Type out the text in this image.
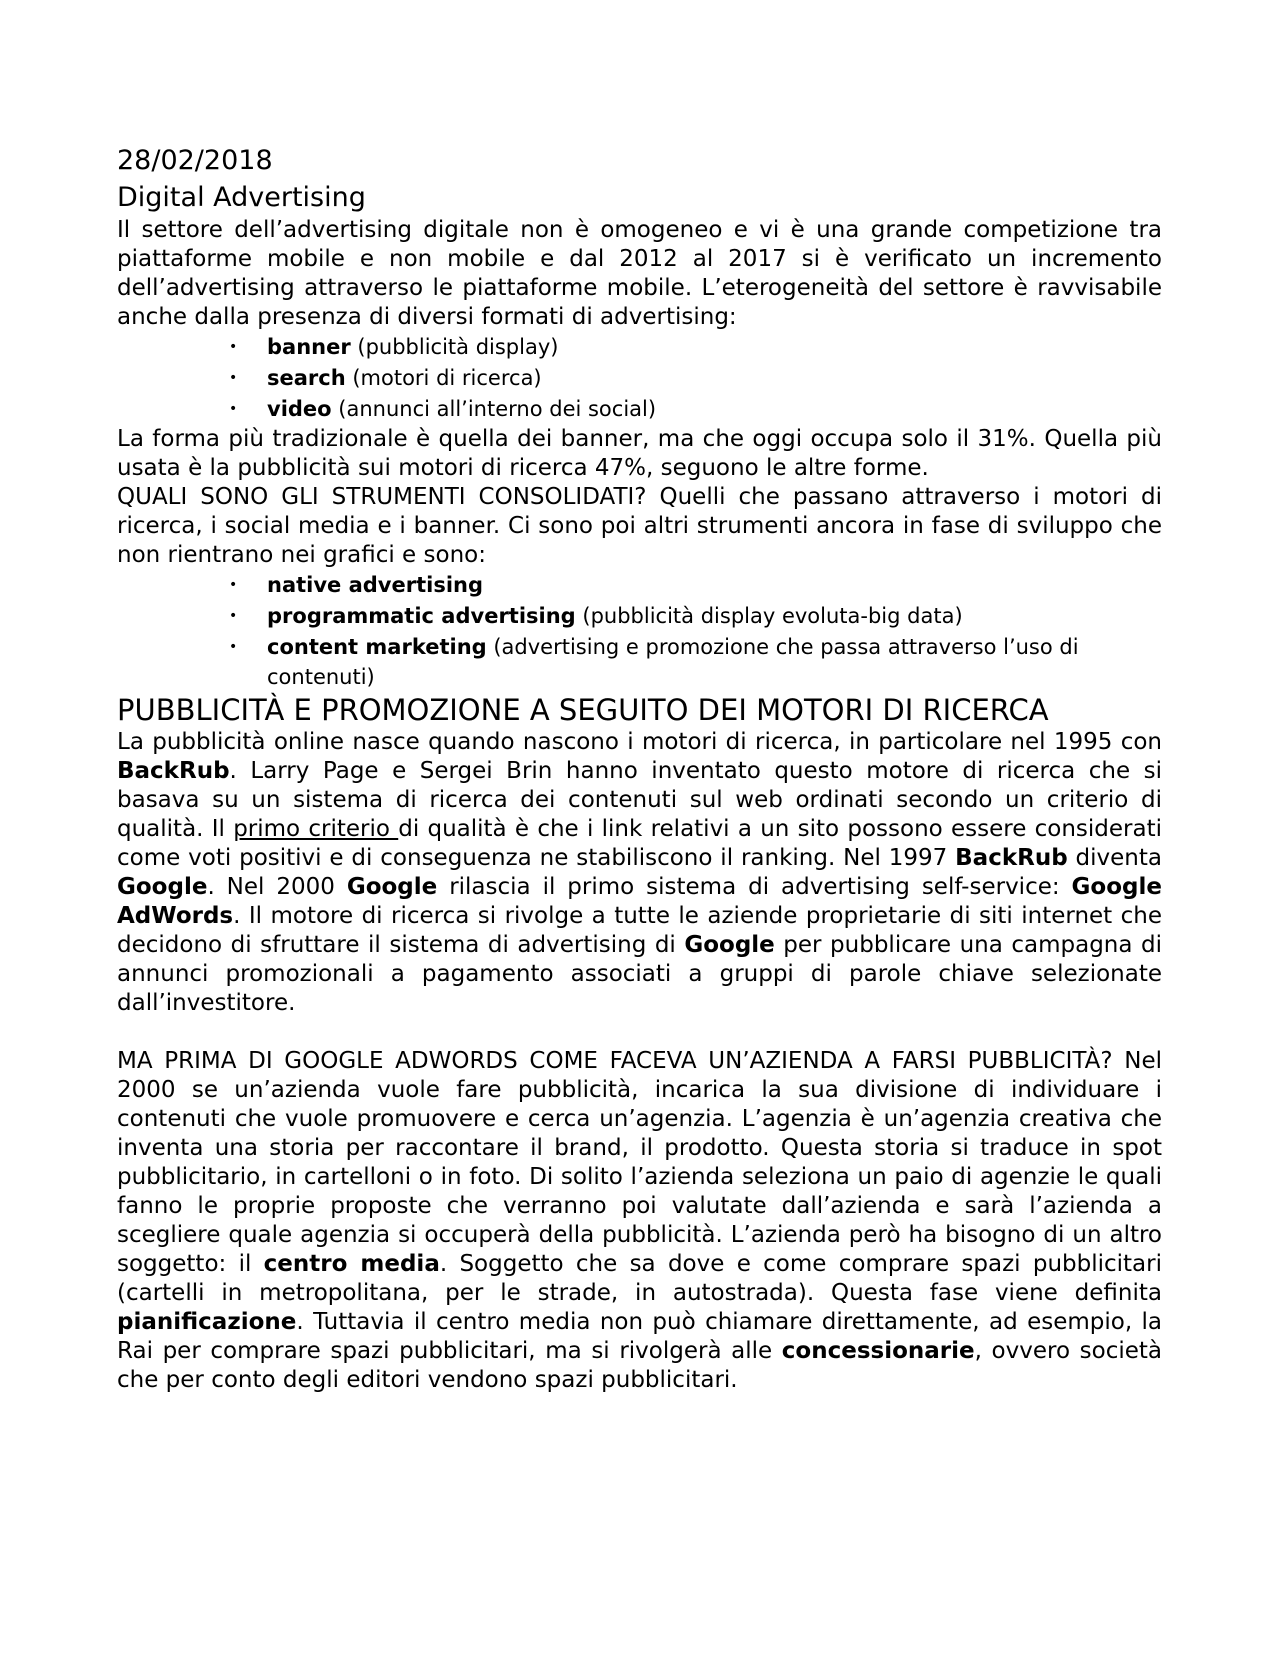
28/02/2018
Digital Advertising

Il settore dell’advertising digitale non è omogeneo e vi è una grande competizione tra piattaforme mobile e non mobile e dal 2012 al 2017 si è verificato un incremento dell’advertising attraverso le piattaforme mobile. L’eterogeneità del settore è ravvisabile anche dalla presenza di diversi formati di advertising:

• banner (pubblicità display)
• search (motori di ricerca)
• video (annunci all’interno dei social)

La forma più tradizionale è quella dei banner, ma che oggi occupa solo il 31%. Quella più usata è la pubblicità sui motori di ricerca 47%, seguono le altre forme.

QUALI SONO GLI STRUMENTI CONSOLIDATI? Quelli che passano attraverso i motori di ricerca, i social media e i banner. Ci sono poi altri strumenti ancora in fase di sviluppo che non rientrano nei grafici e sono:

• native advertising
• programmatic advertising (pubblicità display evoluta-big data)
• content marketing (advertising e promozione che passa attraverso l’uso di contenuti)
PUBBLICITÀ E PROMOZIONE A SEGUITO DEI MOTORI DI RICERCA

La pubblicità online nasce quando nascono i motori di ricerca, in particolare nel 1995 con BackRub. Larry Page e Sergei Brin hanno inventato questo motore di ricerca che si basava su un sistema di ricerca dei contenuti sul web ordinati secondo un criterio di qualità. Il primo criterio di qualità è che i link relativi a un sito possono essere considerati come voti positivi e di conseguenza ne stabiliscono il ranking. Nel 1997 BackRub diventa Google. Nel 2000 Google rilascia il primo sistema di advertising self-service: Google AdWords. Il motore di ricerca si rivolge a tutte le aziende proprietarie di siti internet che decidono di sfruttare il sistema di advertising di Google per pubblicare una campagna di annunci promozionali a pagamento associati a gruppi di parole chiave selezionate dall’investitore.

MA PRIMA DI GOOGLE ADWORDS COME FACEVA UN’AZIENDA A FARSI PUBBLICITÀ? Nel 2000 se un’azienda vuole fare pubblicità, incarica la sua divisione di individuare i contenuti che vuole promuovere e cerca un’agenzia. L’agenzia è un’agenzia creativa che inventa una storia per raccontare il brand, il prodotto. Questa storia si traduce in spot pubblicitario, in cartelloni o in foto. Di solito l’azienda seleziona un paio di agenzie le quali fanno le proprie proposte che verranno poi valutate dall’azienda e sarà l’azienda a scegliere quale agenzia si occuperà della pubblicità. L’azienda però ha bisogno di un altro soggetto: il centro media. Soggetto che sa dove e come comprare spazi pubblicitari (cartelli in metropolitana, per le strade, in autostrada). Questa fase viene definita pianificazione. Tuttavia il centro media non può chiamare direttamente, ad esempio, la Rai per comprare spazi pubblicitari, ma si rivolgerà alle concessionarie, ovvero società che per conto degli editori vendono spazi pubblicitari.
